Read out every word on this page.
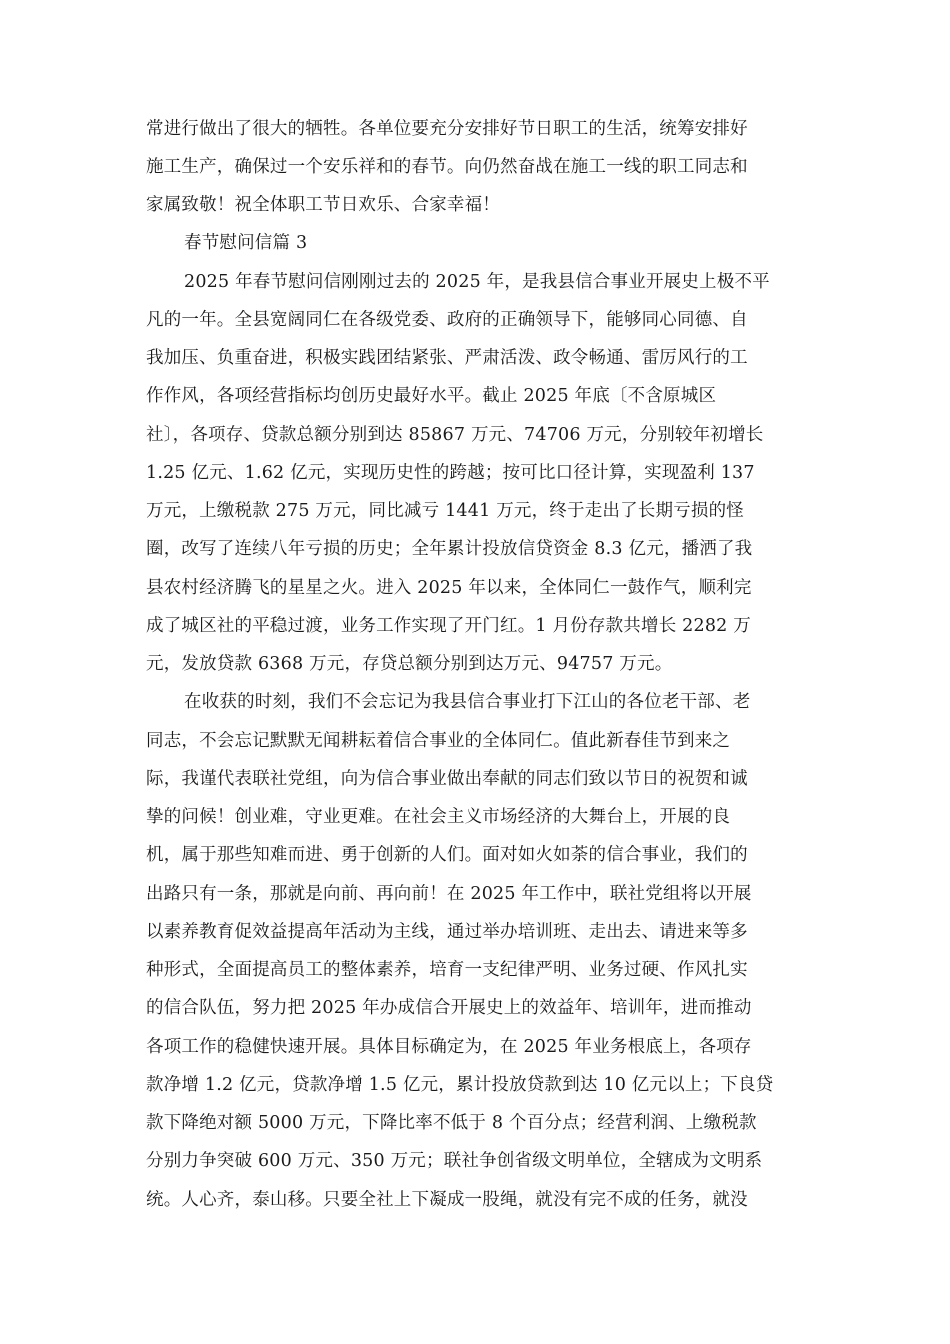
常进行做出了很大的牺牲。各单位要充分安排好节日职工的生活，统筹安排好
施工生产，确保过一个安乐祥和的春节。向仍然奋战在施工一线的职工同志和
家属致敬！祝全体职工节日欢乐、合家幸福！
春节慰问信篇 3
2025 年春节慰问信刚刚过去的 2025 年，是我县信合事业开展史上极不平
凡的一年。全县宽阔同仁在各级党委、政府的正确领导下，能够同心同德、自
我加压、负重奋进，积极实践团结紧张、严肃活泼、政令畅通、雷厉风行的工
作作风，各项经营指标均创历史最好水平。截止 2025 年底〔不含原城区
社〕，各项存、贷款总额分别到达 85867 万元、74706 万元，分别较年初增长
1.25 亿元、1.62 亿元，实现历史性的跨越；按可比口径计算，实现盈利 137
万元，上缴税款 275 万元，同比减亏 1441 万元，终于走出了长期亏损的怪
圈，改写了连续八年亏损的历史；全年累计投放信贷资金 8.3 亿元，播洒了我
县农村经济腾飞的星星之火。进入 2025 年以来，全体同仁一鼓作气，顺利完
成了城区社的平稳过渡，业务工作实现了开门红。1 月份存款共增长 2282 万
元，发放贷款 6368 万元，存贷总额分别到达万元、94757 万元。
在收获的时刻，我们不会忘记为我县信合事业打下江山的各位老干部、老
同志，不会忘记默默无闻耕耘着信合事业的全体同仁。值此新春佳节到来之
际，我谨代表联社党组，向为信合事业做出奉献的同志们致以节日的祝贺和诚
挚的问候！创业难，守业更难。在社会主义市场经济的大舞台上，开展的良
机，属于那些知难而进、勇于创新的人们。面对如火如荼的信合事业，我们的
出路只有一条，那就是向前、再向前！在 2025 年工作中，联社党组将以开展
以素养教育促效益提高年活动为主线，通过举办培训班、走出去、请进来等多
种形式，全面提高员工的整体素养，培育一支纪律严明、业务过硬、作风扎实
的信合队伍，努力把 2025 年办成信合开展史上的效益年、培训年，进而推动
各项工作的稳健快速开展。具体目标确定为，在 2025 年业务根底上，各项存
款净增 1.2 亿元，贷款净增 1.5 亿元，累计投放贷款到达 10 亿元以上；下良贷
款下降绝对额 5000 万元，下降比率不低于 8 个百分点；经营利润、上缴税款
分别力争突破 600 万元、350 万元；联社争创省级文明单位，全辖成为文明系
统。人心齐，泰山移。只要全社上下凝成一股绳，就没有完不成的任务，就没
